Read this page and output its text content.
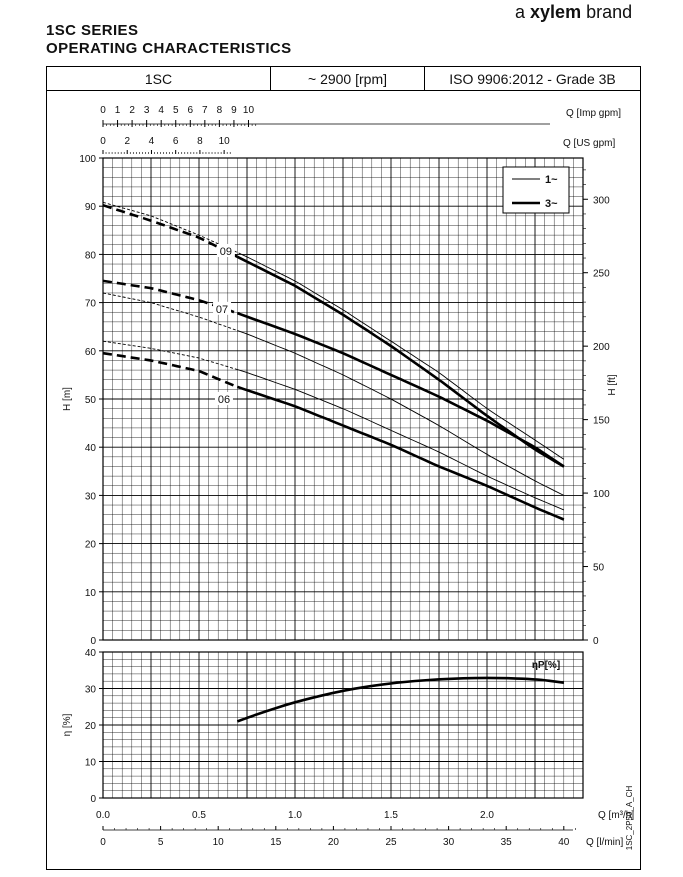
a xylem brand
1SC SERIES
OPERATING CHARACTERISTICS
1SC	~ 2900 [rpm]	ISO 9906:2012 - Grade 3B
0
10
20
30
40
50
60
70
80
90
100
H [m]
0
50
100
150
200
250
300
H [ft]
0 1 2 3 4 5 6 7 8 9 10	Q [Imp gpm]
0 2 4 6 8 10	Q [US gpm]
1~
3~
09
07
06
0
10
20
30
40
η [%]
ηP[%]
0.0	0.5	1.0	1.5	2.0	Q [m³/h]
0	5	10	15	20	25	30	35	40 Q [l/min] 1SC_2P50_A_CH
